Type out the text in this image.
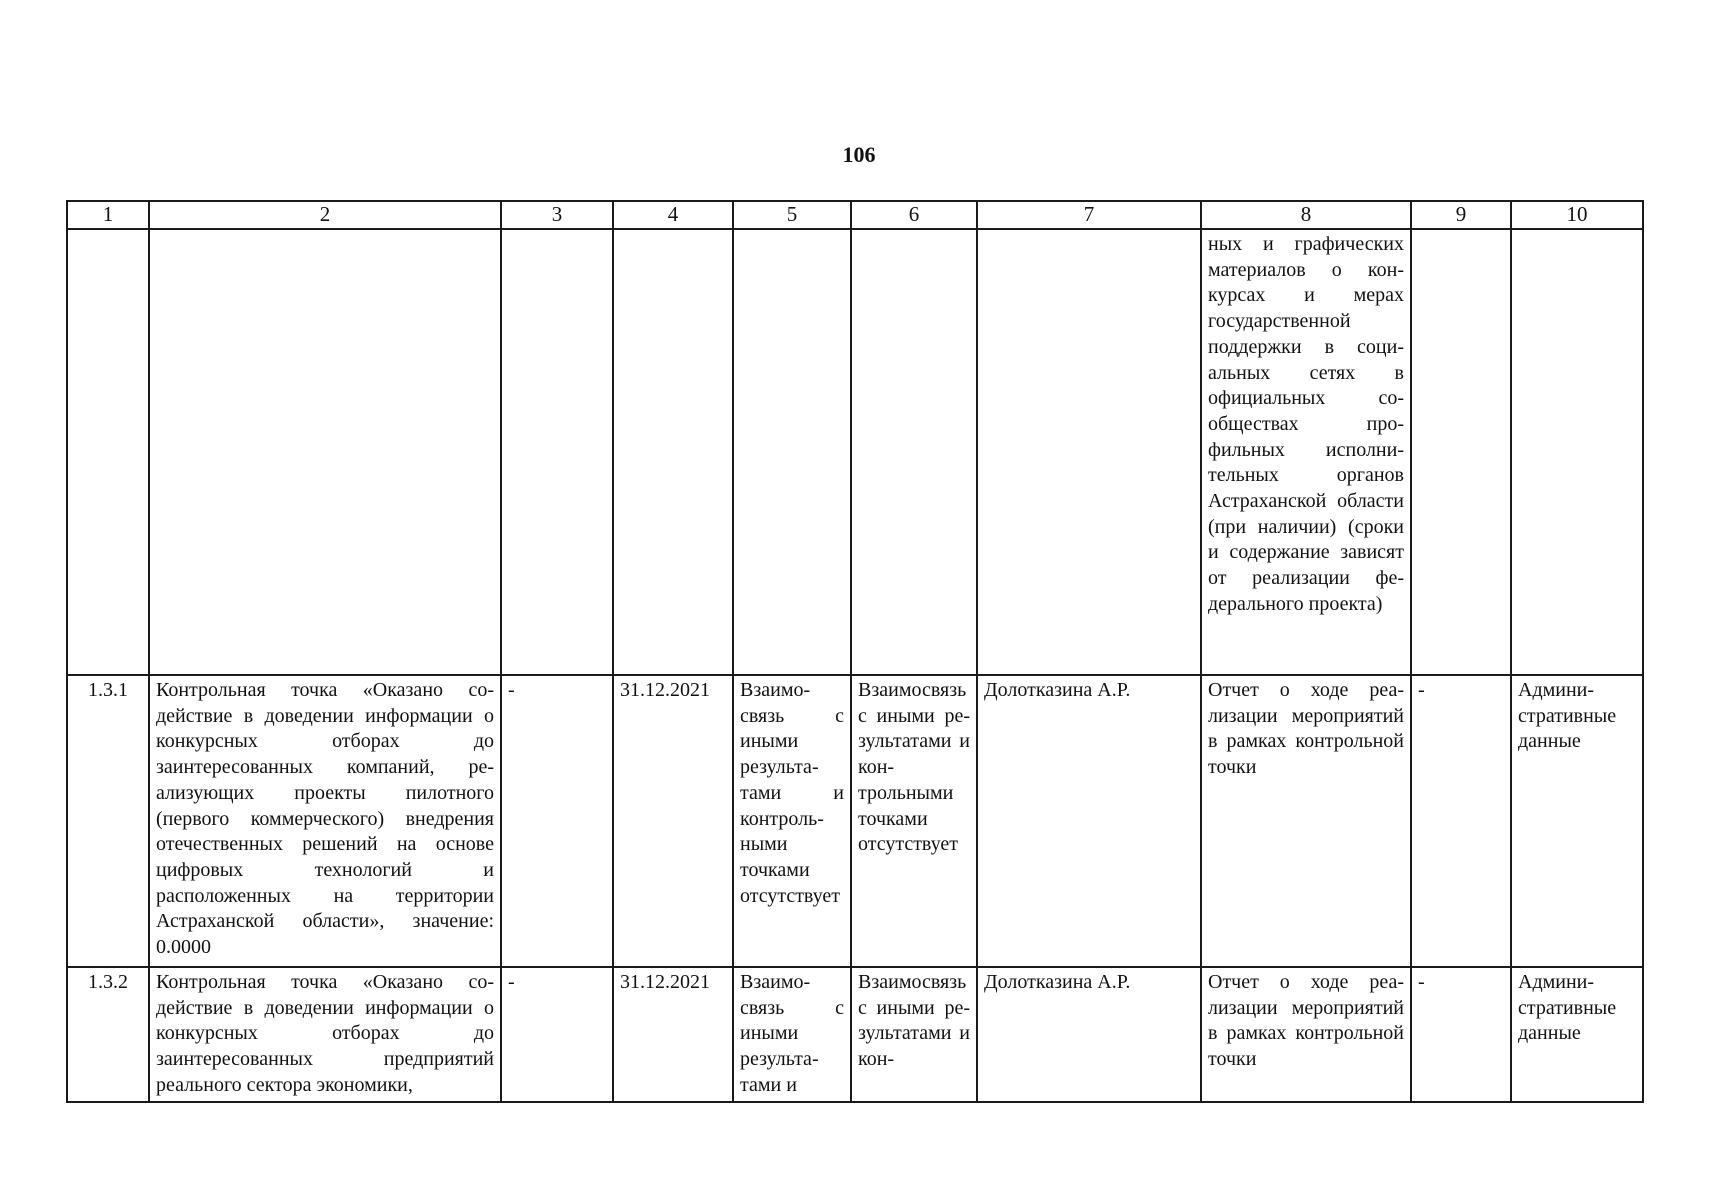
106
1	2	3	4	5	6	7	8	9	10
							ных и графических материалов о конкурсах и мерах государственной поддержки в социальных сетях в официальных сообществах профильных исполнительных органов Астраханской области (при наличии) (сроки и содержание зависят от реализации федерального проекта)		
1.3.1	Контрольная точка «Оказано содействие в доведении информации о конкурсных отборах до заинтересованных компаний, реализующих проекты пилотного (первого коммерческого) внедрения отечественных решений на основе цифровых технологий и расположенных на территории Астраханской области», значение: 0.0000	-	31.12.2021	Взаимосвязь с иными результатами и контрольными точками отсутствует	Взаимосвязь с иными результатами и контрольными точками отсутствует	Долотказина А.Р.	Отчет о ходе реализации мероприятий в рамках контрольной точки	-	Административные данные
1.3.2	Контрольная точка «Оказано содействие в доведении информации о конкурсных отборах до заинтересованных предприятий реального сектора экономики,	-	31.12.2021	Взаимосвязь с иными результатами и	Взаимосвязь с иными результатами и кон-	Долотказина А.Р.	Отчет о ходе реализации мероприятий в рамках контрольной точки	-	Административные данные
